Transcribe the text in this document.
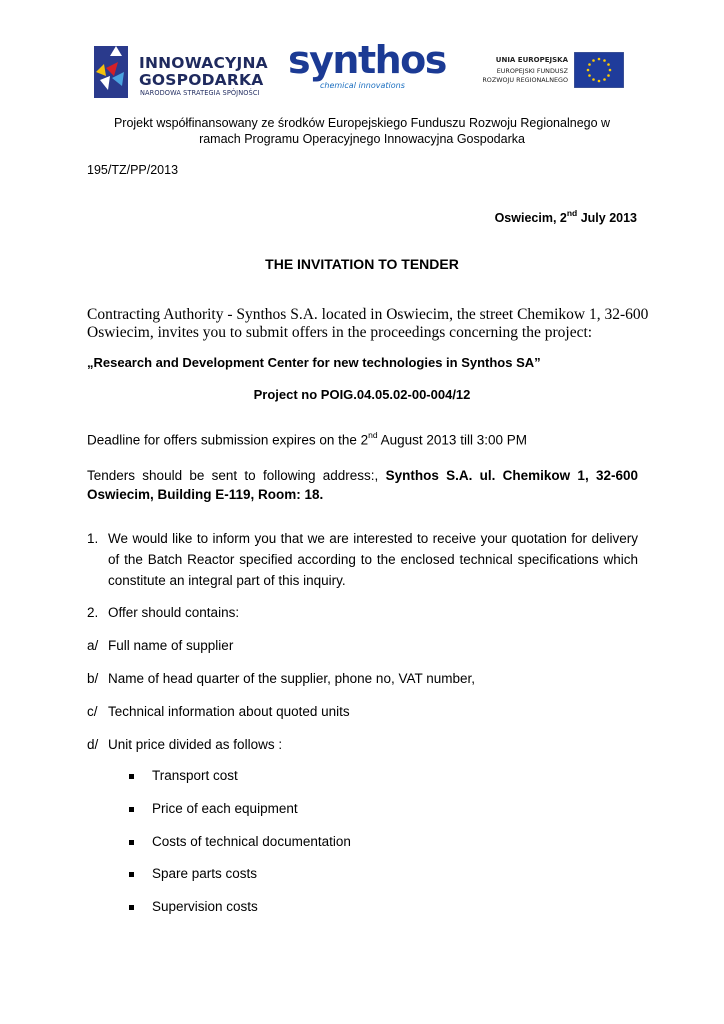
INNOWACYJNA
GOSPODARKA
NARODOWA STRATEGIA SPÓJNOŚCI
synthos
chemical innovations
UNIA EUROPEJSKA
EUROPEJSKI FUNDUSZ
ROZWOJU REGIONALNEGO
Projekt współfinansowany ze środków Europejskiego Funduszu Rozwoju Regionalnego w
ramach Programu Operacyjnego Innowacyjna Gospodarka
195/TZ/PP/2013
Oswiecim, 2nd July 2013
THE INVITATION TO TENDER
Contracting Authority - Synthos S.A. located in Oswiecim, the street Chemikow 1, 32-600
Oswiecim, invites you to submit offers in the proceedings concerning the project:
„Research and Development Center for new technologies in Synthos SA”
Project no POIG.04.05.02-00-004/12
Deadline for offers submission expires on the 2nd August 2013 till 3:00 PM
Tenders should be sent to following address:, Synthos S.A. ul. Chemikow 1, 32-600
Oswiecim, Building E-119, Room: 18.
1. We would like to inform you that we are interested to receive your quotation for delivery
of the Batch Reactor specified according to the enclosed technical specifications which
constitute an integral part of this inquiry.
2. Offer should contains:
a/ Full name of supplier
b/ Name of head quarter of the supplier, phone no, VAT number,
c/ Technical information about quoted units
d/ Unit price divided as follows :
Transport cost
Price of each equipment
Costs of technical documentation
Spare parts costs
Supervision costs
